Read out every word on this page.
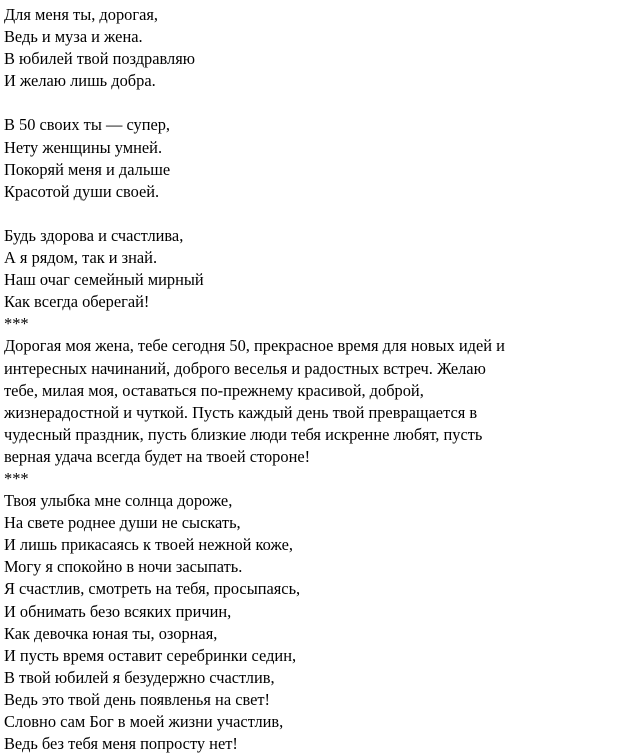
Для меня ты, дорогая,
Ведь и муза и жена.
В юбилей твой поздравляю
И желаю лишь добра.
В 50 своих ты — супер,
Нету женщины умней.
Покоряй меня и дальше
Красотой души своей.
Будь здорова и счастлива,
А я рядом, так и знай.
Наш очаг семейный мирный
Как всегда оберегай!
***
Дорогая моя жена, тебе сегодня 50, прекрасное время для новых идей и
интересных начинаний, доброго веселья и радостных встреч. Желаю
тебе, милая моя, оставаться по-прежнему красивой, доброй,
жизнерадостной и чуткой. Пусть каждый день твой превращается в
чудесный праздник, пусть близкие люди тебя искренне любят, пусть
верная удача всегда будет на твоей стороне!
***
Твоя улыбка мне солнца дороже,
На свете роднее души не сыскать,
И лишь прикасаясь к твоей нежной коже,
Могу я спокойно в ночи засыпать.
Я счастлив, смотреть на тебя, просыпаясь,
И обнимать безо всяких причин,
Как девочка юная ты, озорная,
И пусть время оставит серебринки седин,
В твой юбилей я безудержно счастлив,
Ведь это твой день появленья на свет!
Словно сам Бог в моей жизни участлив,
Ведь без тебя меня попросту нет!
